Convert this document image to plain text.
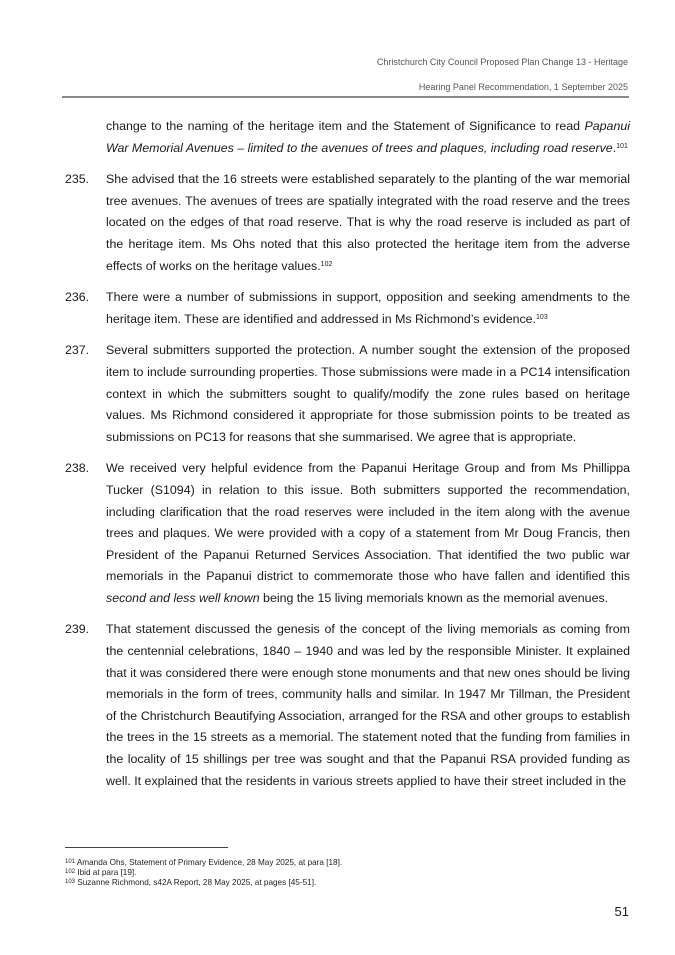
Christchurch City Council Proposed Plan Change 13 - Heritage
Hearing Panel Recommendation, 1 September 2025

change to the naming of the heritage item and the Statement of Significance to read Papanui War Memorial Avenues – limited to the avenues of trees and plaques, including road reserve.$^{101}$

235. She advised that the 16 streets were established separately to the planting of the war memorial tree avenues. The avenues of trees are spatially integrated with the road reserve and the trees located on the edges of that road reserve. That is why the road reserve is included as part of the heritage item. Ms Ohs noted that this also protected the heritage item from the adverse effects of works on the heritage values.$^{102}$

236. There were a number of submissions in support, opposition and seeking amendments to the heritage item. These are identified and addressed in Ms Richmond’s evidence.$^{103}$

237. Several submitters supported the protection. A number sought the extension of the proposed item to include surrounding properties. Those submissions were made in a PC14 intensification context in which the submitters sought to qualify/modify the zone rules based on heritage values. Ms Richmond considered it appropriate for those submission points to be treated as submissions on PC13 for reasons that she summarised. We agree that is appropriate.

238. We received very helpful evidence from the Papanui Heritage Group and from Ms Phillippa Tucker (S1094) in relation to this issue. Both submitters supported the recommendation, including clarification that the road reserves were included in the item along with the avenue trees and plaques. We were provided with a copy of a statement from Mr Doug Francis, then President of the Papanui Returned Services Association. That identified the two public war memorials in the Papanui district to commemorate those who have fallen and identified this second and less well known being the 15 living memorials known as the memorial avenues.

239. That statement discussed the genesis of the concept of the living memorials as coming from the centennial celebrations, 1840 – 1940 and was led by the responsible Minister. It explained that it was considered there were enough stone monuments and that new ones should be living memorials in the form of trees, community halls and similar. In 1947 Mr Tillman, the President of the Christchurch Beautifying Association, arranged for the RSA and other groups to establish the trees in the 15 streets as a memorial. The statement noted that the funding from families in the locality of 15 shillings per tree was sought and that the Papanui RSA provided funding as well. It explained that the residents in various streets applied to have their street included in the

$^{101}$ Amanda Ohs, Statement of Primary Evidence, 28 May 2025, at para [18].
$^{102}$ Ibid at para [19].
$^{103}$ Suzanne Richmond, s42A Report, 28 May 2025, at pages [45-51].
51
